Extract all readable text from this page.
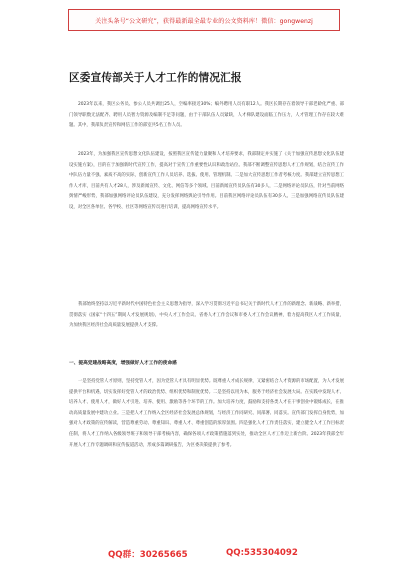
关注头条号“公文研究”，获得最新最全最专业的公文资料库！微信：gongwenzj
区委宣传部关于人才工作的情况汇报

2023年以来，我区公务员、参公人员共调出25人，空编率接近30%；编外聘用人员有职12人。我区长期存在着领导干部老龄化严重、部门领导职数无法配齐、聘用人员智力资源及编制不足等问题，由于干部队伍人员紧缺，人才梯队建设面临工作压力，人才管理工作存在较大难题。其中，我部负责宣传和网信工作的部室共5名工作人员。

2023年，为加强我区宣传思想文化队伍建设，按照我区宣传能力量聚和人才培养要求，我部制定并实施了《关于加强宣传思想文化队伍建设实施方案》，目的在于加强新时代宣传工作，提高对于宣传工作重要性认识和政治站位。我部不断调整宣传思想人才工作规划，结合宣传工作中队伍力量不强、素质不高的实际，创新宣传工作人员培养、选拔、使用、管理机制。二是加大宣传思想工作者考核力度。我部建立宣传思想工作人才库，目前共有人才28人，涉及新闻宣传、文化、网信等多个领域。目前新闻宣传员队伍有30多人，二是网络评论员队伍，针对当前网络舆情严峻形势，我部加强网络评论员队伍建设，充分发挥网络舆论引导作用。目前我区网络评论员队伍有30多人。三是加强网络宣传员队伍建设，对全区各单位、各学校、社区等网络宣传员进行培训，提高网络宣传水平。

我部始终坚持以习近平新时代中国特色社会主义思想为指导，深入学习贯彻习近平总书记关于新时代人才工作的新理念、新战略、新举措，贯彻落实《国家“十四五”期间人才发展规划》，中央人才工作会议、省委人才工作会议和市委人才工作会议精神，着力提高我区人才工作质量，为加快我区经济社会高质量发展提供人才支撑。

一、提高党建战略高度，增强做好人才工作的使命感

一是坚持党管人才原则，坚持党管人才，因为党管人才具有明显优势。既尊重人才成长规律，又紧密结合人才资源的市场配置，为人才发展提供平台和机遇，切实发挥好党管人才的政治优势、组织优势和制度优势。二是坚持以用为本，服务于经济社会发展大局。在实践中发现人才、培养人才、使用人才，做好人才引进、培养、使用、激励等各个环节的工作。加大培养力度，鼓励和支持各类人才在干事创业中锻炼成长，在推动高质量发展中建功立业。三是把人才工作纳入全区经济社会发展总体规划，与经济工作同研究、同部署、同落实。宣传部门发挥自身优势，加强对人才政策的宣传解读，营造尊重劳动、尊重知识、尊重人才、尊重创造的浓厚氛围。四是强化人才工作责任落实，建立健全人才工作目标责任制，将人才工作纳入各级领导班子和领导干部考核内容，确保各项人才政策措施落到实处，推动全区人才工作迈上新台阶。2023年我部全年开展人才工作专题调研和宣传报道活动，形成多篇调研报告，为区委决策提供了参考。

QQ群：30265665	QQ:535304092
